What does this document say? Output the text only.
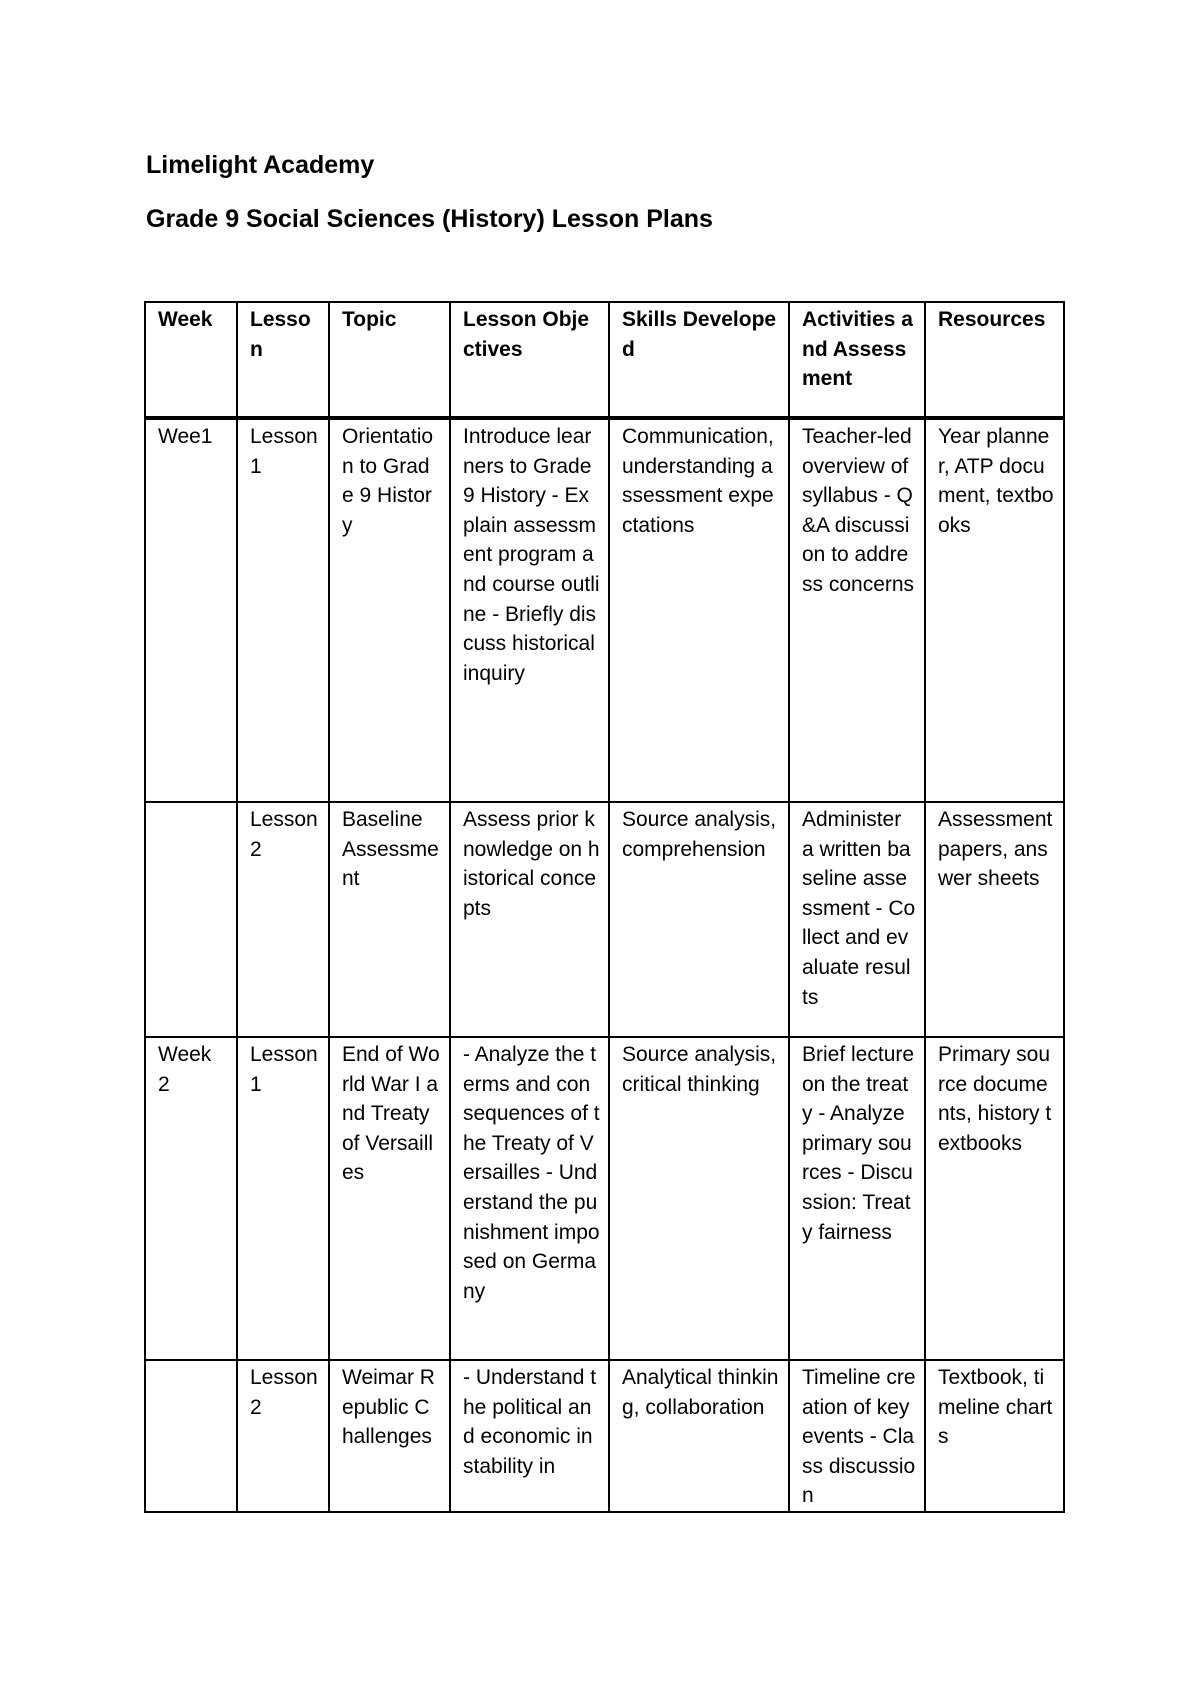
Limelight Academy
Grade 9 Social Sciences (History) Lesson Plans
Week	Lesson	Topic	Lesson Objectives	Skills Developed	Activities and Assessment	Resources
Wee1	Lesson 1	Orientation to Grade 9 History	Introduce learners to Grade 9 History - Explain assessment program and course outline - Briefly discuss historical inquiry	Communication, understanding assessment expectations	Teacher-led overview of syllabus - Q&A discussion to address concerns	Year planner, ATP document, textbooks
	Lesson 2	Baseline Assessment	Assess prior knowledge on historical concepts	Source analysis, comprehension	Administer a written baseline assessment - Collect and evaluate results	Assessment papers, answer sheets
Week 2	Lesson 1	End of World War I and Treaty of Versailles	- Analyze the terms and consequences of the Treaty of Versailles - Understand the punishment imposed on Germany	Source analysis, critical thinking	Brief lecture on the treaty - Analyze primary sources - Discussion: Treaty fairness	Primary source documents, history textbooks
	Lesson 2	Weimar Republic Challenges	- Understand the political and economic instability in	Analytical thinking, collaboration	Timeline creation of key events - Class discussion	Textbook, timeline charts
